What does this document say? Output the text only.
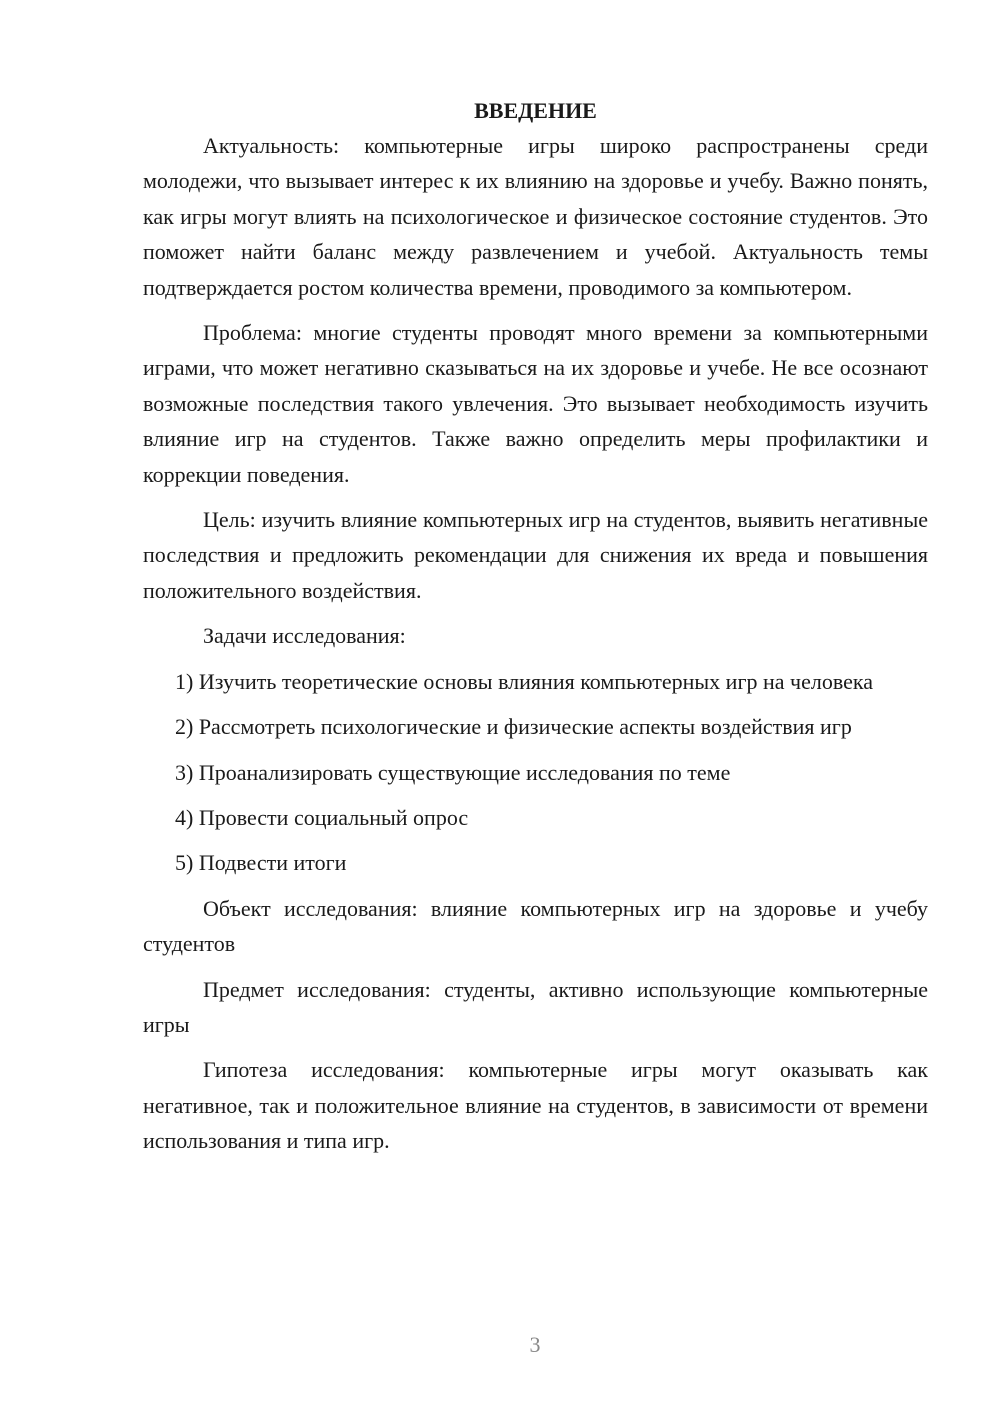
ВВЕДЕНИЕ

Актуальность: компьютерные игры широко распространены среди молодежи, что вызывает интерес к их влиянию на здоровье и учебу. Важно понять, как игры могут влиять на психологическое и физическое состояние студентов. Это поможет найти баланс между развлечением и учебой. Актуальность темы подтверждается ростом количества времени, проводимого за компьютером.

Проблема: многие студенты проводят много времени за компьютерными играми, что может негативно сказываться на их здоровье и учебе. Не все осознают возможные последствия такого увлечения. Это вызывает необходимость изучить влияние игр на студентов. Также важно определить меры профилактики и коррекции поведения.

Цель: изучить влияние компьютерных игр на студентов, выявить негативные последствия и предложить рекомендации для снижения их вреда и повышения положительного воздействия.

Задачи исследования:

1) Изучить теоретические основы влияния компьютерных игр на человека

2) Рассмотреть психологические и физические аспекты воздействия игр

3) Проанализировать существующие исследования по теме

4) Провести социальный опрос

5) Подвести итоги

Объект исследования: влияние компьютерных игр на здоровье и учебу студентов

Предмет исследования: студенты, активно использующие компьютерные игры

Гипотеза исследования: компьютерные игры могут оказывать как негативное, так и положительное влияние на студентов, в зависимости от времени использования и типа игр.

3
